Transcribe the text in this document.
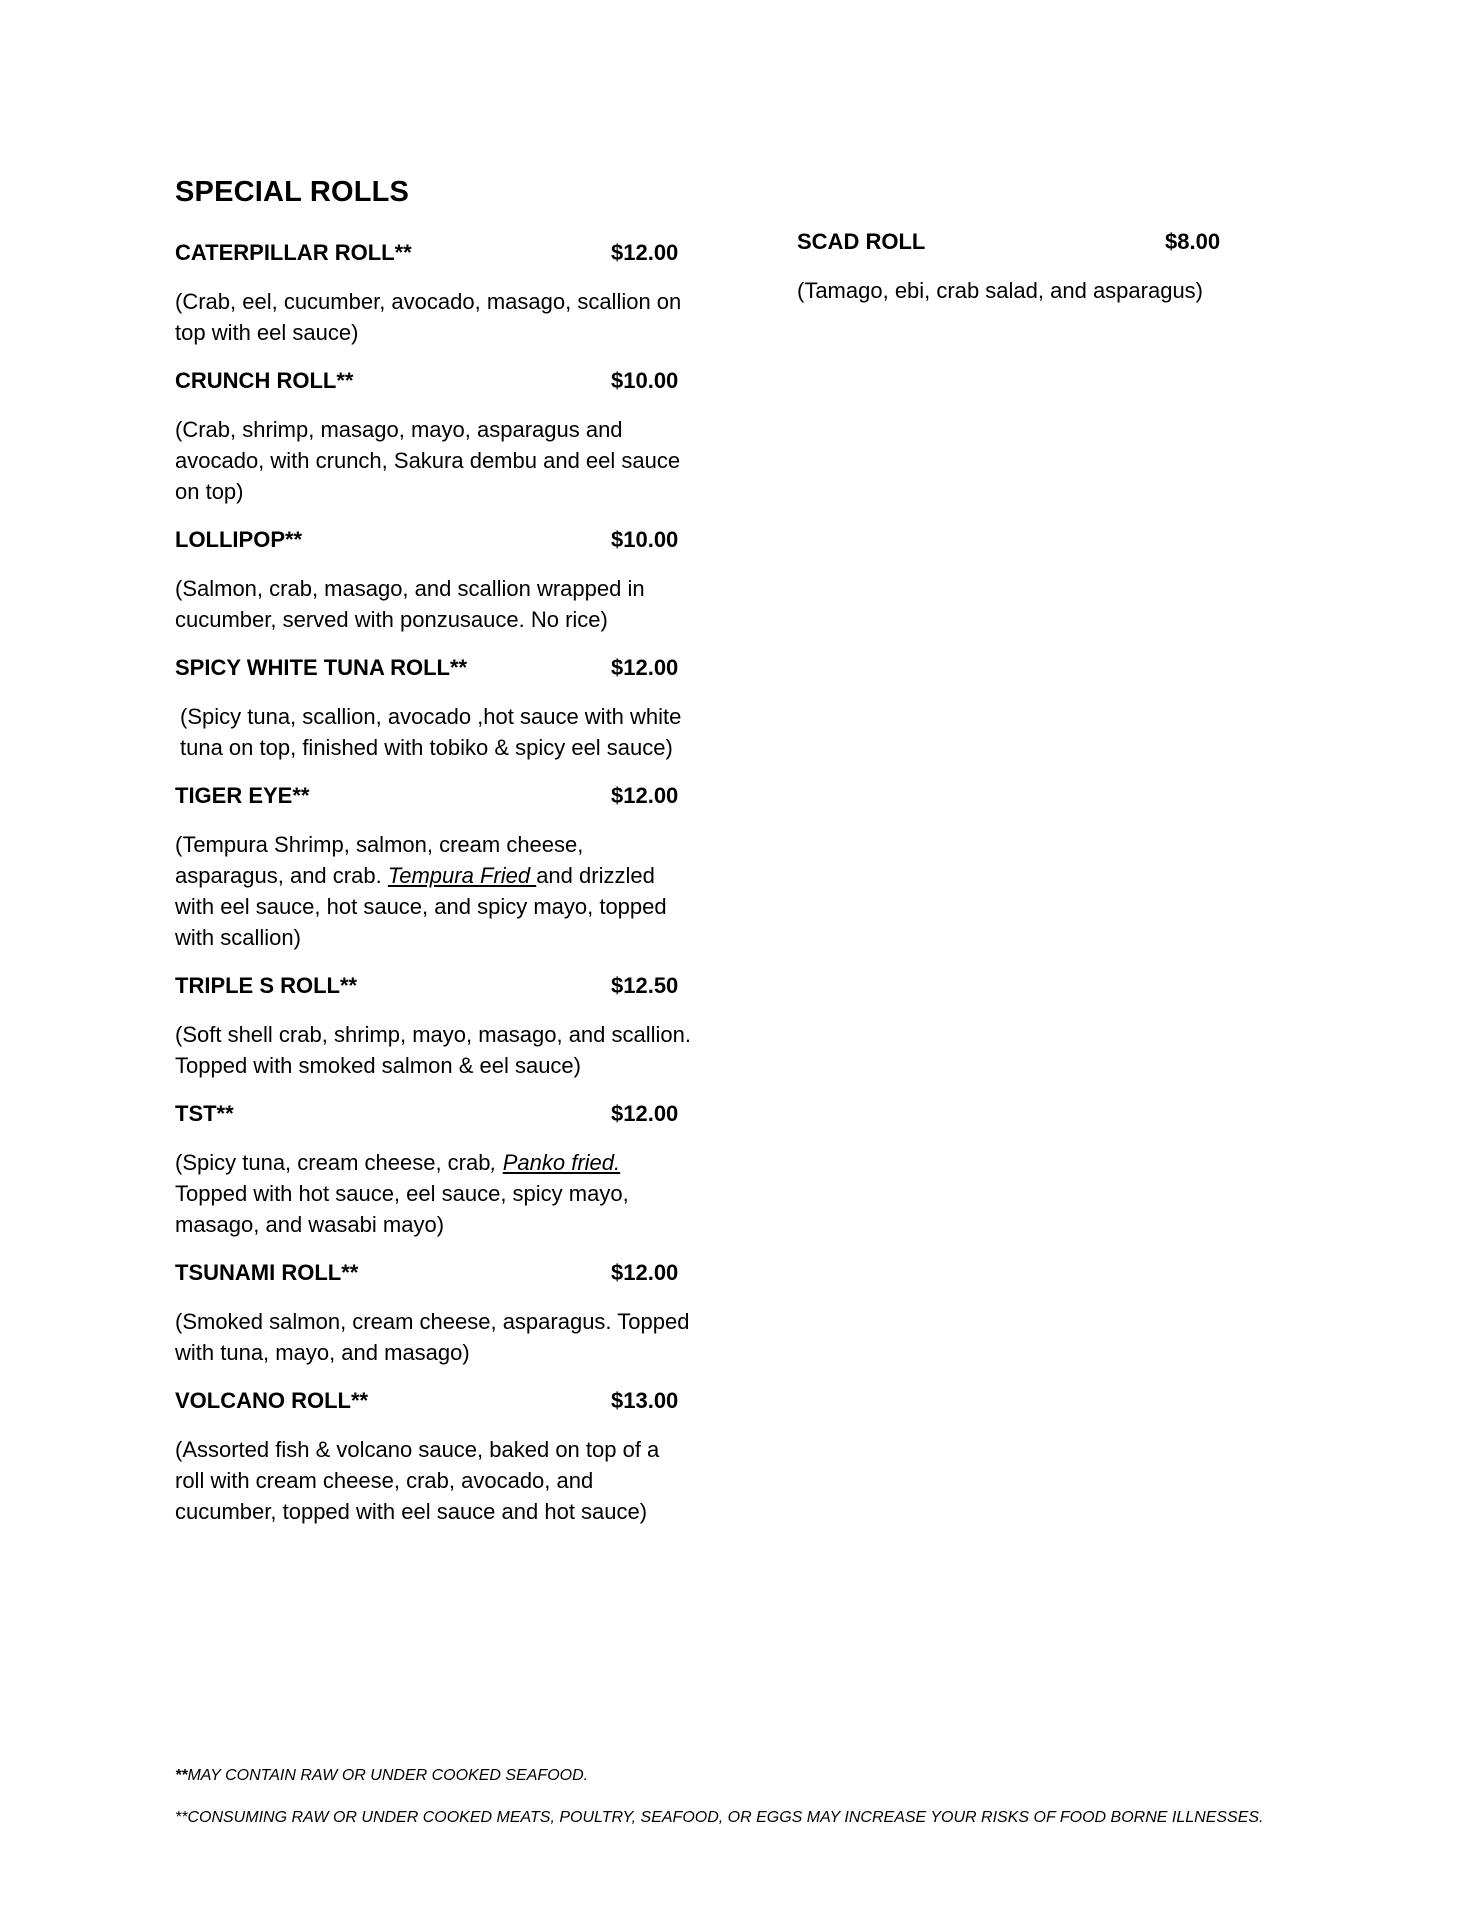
SPECIAL ROLLS
CATERPILLAR ROLL**	$12.00
(Crab, eel, cucumber, avocado, masago, scallion on
top with eel sauce)
CRUNCH ROLL**	$10.00
(Crab, shrimp, masago, mayo, asparagus and
avocado, with crunch, Sakura dembu and eel sauce
on top)
LOLLIPOP**	$10.00
(Salmon, crab, masago, and scallion wrapped in
cucumber, served with ponzusauce. No rice)
SPICY WHITE TUNA ROLL**	$12.00
(Spicy tuna, scallion, avocado ,hot sauce with white
tuna on top, finished with tobiko & spicy eel sauce)
TIGER EYE**	$12.00
(Tempura Shrimp, salmon, cream cheese,
asparagus, and crab. Tempura Fried and drizzled
with eel sauce, hot sauce, and spicy mayo, topped
with scallion)
TRIPLE S ROLL**	$12.50
(Soft shell crab, shrimp, mayo, masago, and scallion.
Topped with smoked salmon & eel sauce)
TST**	$12.00
(Spicy tuna, cream cheese, crab, Panko fried.
Topped with hot sauce, eel sauce, spicy mayo,
masago, and wasabi mayo)
TSUNAMI ROLL**	$12.00
(Smoked salmon, cream cheese, asparagus. Topped
with tuna, mayo, and masago)
VOLCANO ROLL**	$13.00
(Assorted fish & volcano sauce, baked on top of a
roll with cream cheese, crab, avocado, and
cucumber, topped with eel sauce and hot sauce)
SCAD ROLL	$8.00
(Tamago, ebi, crab salad, and asparagus)

**MAY CONTAIN RAW OR UNDER COOKED SEAFOOD.

**CONSUMING RAW OR UNDER COOKED MEATS, POULTRY, SEAFOOD, OR EGGS MAY INCREASE YOUR RISKS OF FOOD BORNE ILLNESSES.
